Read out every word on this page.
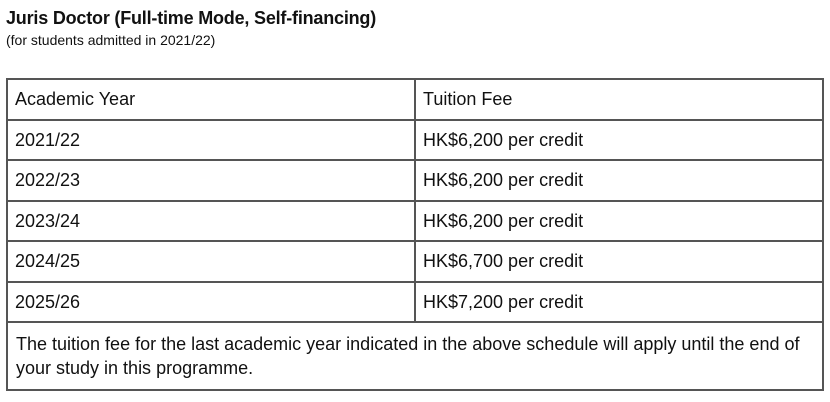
Juris Doctor (Full-time Mode, Self-financing)
(for students admitted in 2021/22)
Academic Year	Tuition Fee
2021/22	HK$6,200 per credit
2022/23	HK$6,200 per credit
2023/24	HK$6,200 per credit
2024/25	HK$6,700 per credit
2025/26	HK$7,200 per credit
The tuition fee for the last academic year indicated in the above schedule will apply until the end of your study in this programme.	
